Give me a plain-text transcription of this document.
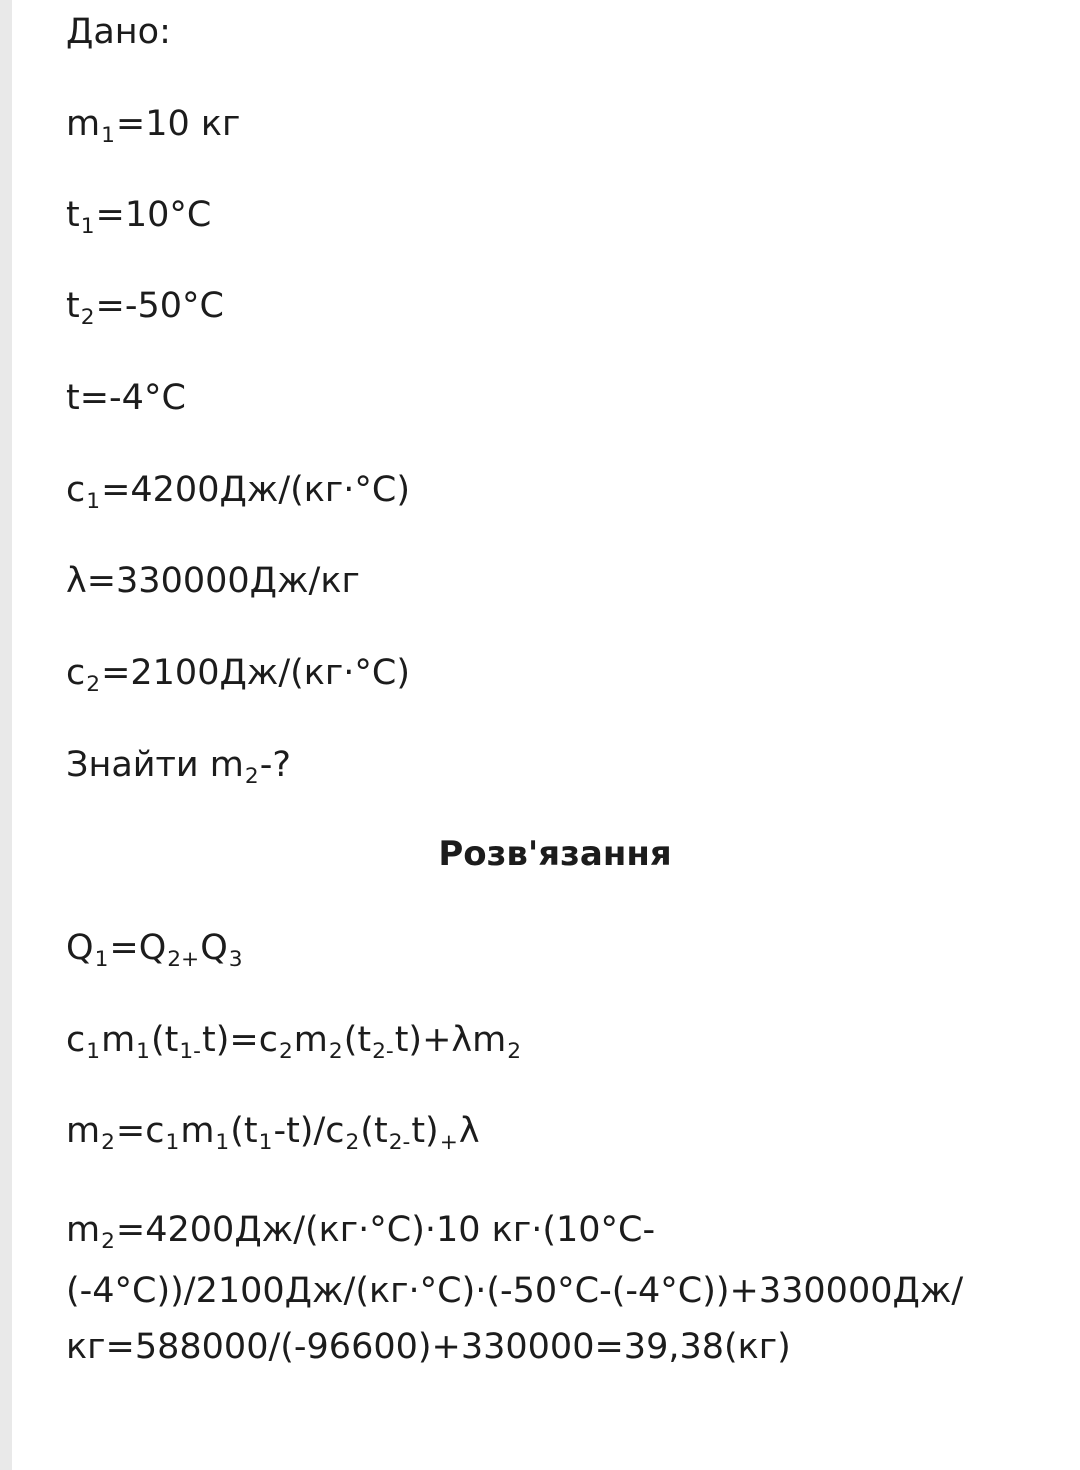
Дано:
m1=10 кг
t1=10°C
t2=-50°C
t=-4°C
c1=4200Дж/(кг·°C)
λ=330000Дж/кг
c2=2100Дж/(кг·°C)
Знайти m2-?
Розв'язання
Q1=Q2+Q3
c1m1(t1-t)=c2m2(t2-t)+λm2
m2=c1m1(t1-t)/c2(t2-t)+λ
m2=4200Дж/(кг·°C)·10 кг·(10°C-
(-4°C))/2100Дж/(кг·°C)·(-50°C-(-4°C))+330000Дж/
кг=588000/(-96600)+330000=39,38(кг)
